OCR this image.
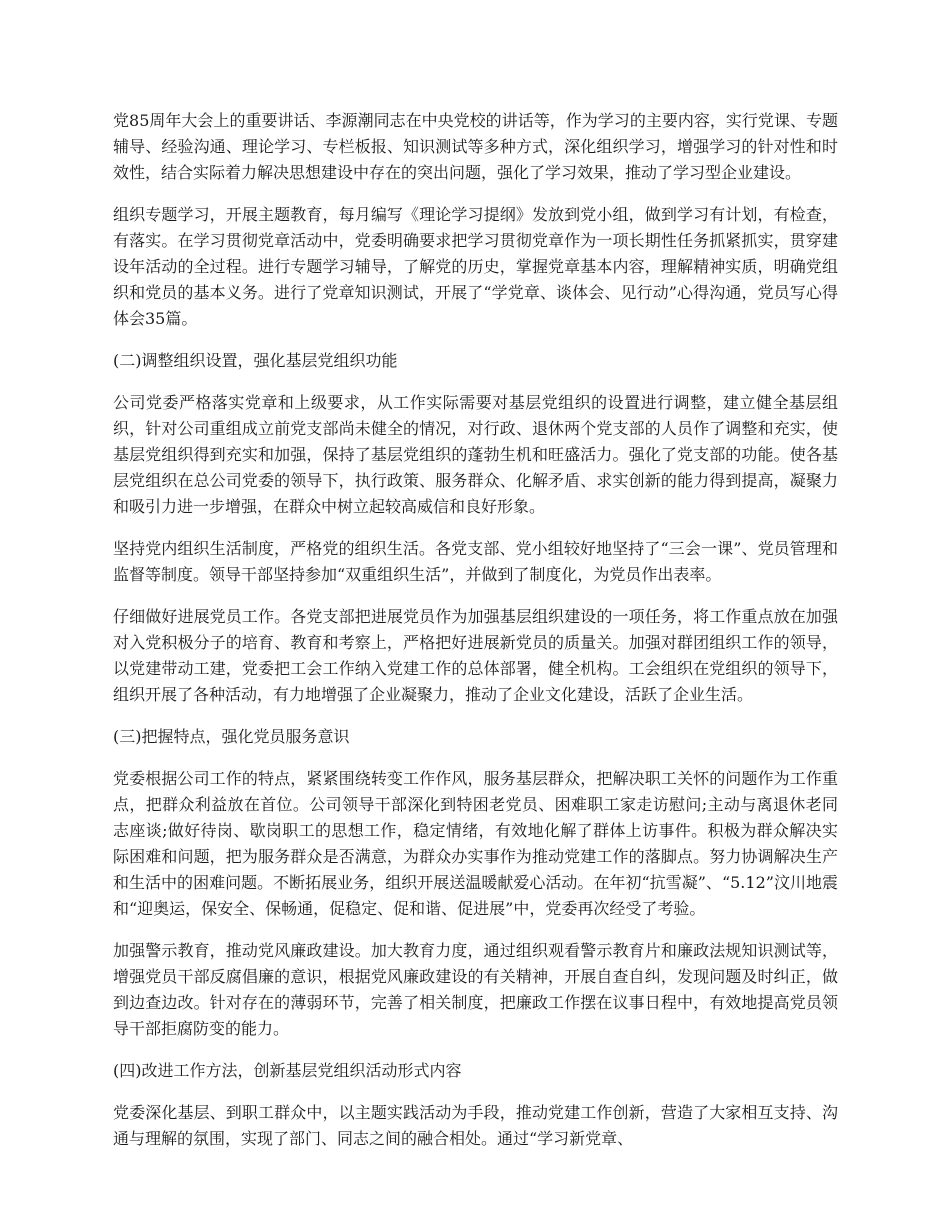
党85周年大会上的重要讲话、李源潮同志在中央党校的讲话等，作为学习的主要内容，实行党课、专题辅导、经验沟通、理论学习、专栏板报、知识测试等多种方式，深化组织学习，增强学习的针对性和时效性，结合实际着力解决思想建设中存在的突出问题，强化了学习效果，推动了学习型企业建设。

组织专题学习，开展主题教育，每月编写《理论学习提纲》发放到党小组，做到学习有计划，有检查，有落实。在学习贯彻党章活动中，党委明确要求把学习贯彻党章作为一项长期性任务抓紧抓实，贯穿建设年活动的全过程。进行专题学习辅导，了解党的历史，掌握党章基本内容，理解精神实质，明确党组织和党员的基本义务。进行了党章知识测试，开展了“学党章、谈体会、见行动”心得沟通，党员写心得体会35篇。

(二)调整组织设置，强化基层党组织功能

公司党委严格落实党章和上级要求，从工作实际需要对基层党组织的设置进行调整，建立健全基层组织，针对公司重组成立前党支部尚未健全的情况，对行政、退休两个党支部的人员作了调整和充实，使基层党组织得到充实和加强，保持了基层党组织的蓬勃生机和旺盛活力。强化了党支部的功能。使各基层党组织在总公司党委的领导下，执行政策、服务群众、化解矛盾、求实创新的能力得到提高，凝聚力和吸引力进一步增强，在群众中树立起较高威信和良好形象。

坚持党内组织生活制度，严格党的组织生活。各党支部、党小组较好地坚持了“三会一课”、党员管理和监督等制度。领导干部坚持参加“双重组织生活”，并做到了制度化，为党员作出表率。

仔细做好进展党员工作。各党支部把进展党员作为加强基层组织建设的一项任务，将工作重点放在加强对入党积极分子的培育、教育和考察上，严格把好进展新党员的质量关。加强对群团组织工作的领导，以党建带动工建，党委把工会工作纳入党建工作的总体部署，健全机构。工会组织在党组织的领导下，组织开展了各种活动，有力地增强了企业凝聚力，推动了企业文化建设，活跃了企业生活。

(三)把握特点，强化党员服务意识

党委根据公司工作的特点，紧紧围绕转变工作作风，服务基层群众，把解决职工关怀的问题作为工作重点，把群众利益放在首位。公司领导干部深化到特困老党员、困难职工家走访慰问;主动与离退休老同志座谈;做好待岗、歇岗职工的思想工作，稳定情绪，有效地化解了群体上访事件。积极为群众解决实际困难和问题，把为服务群众是否满意，为群众办实事作为推动党建工作的落脚点。努力协调解决生产和生活中的困难问题。不断拓展业务，组织开展送温暖献爱心活动。在年初“抗雪凝”、“5.12”汶川地震和“迎奥运，保安全、保畅通，促稳定、促和谐、促进展”中，党委再次经受了考验。

加强警示教育，推动党风廉政建设。加大教育力度，通过组织观看警示教育片和廉政法规知识测试等，增强党员干部反腐倡廉的意识，根据党风廉政建设的有关精神，开展自查自纠，发现问题及时纠正，做到边查边改。针对存在的薄弱环节，完善了相关制度，把廉政工作摆在议事日程中，有效地提高党员领导干部拒腐防变的能力。

(四)改进工作方法，创新基层党组织活动形式内容

党委深化基层、到职工群众中，以主题实践活动为手段，推动党建工作创新，营造了大家相互支持、沟通与理解的氛围，实现了部门、同志之间的融合相处。通过“学习新党章、
